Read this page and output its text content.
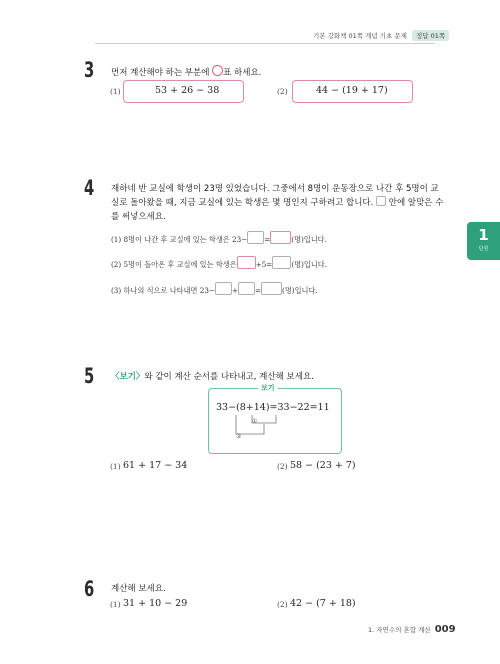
기본 강화책 01쪽 개념 기초 문제 정답 01쪽
1
단원
3 먼저 계산해야 하는 부분에 표 하세요.
(1)	53 + 26 − 38	(2)	44 − (19 + 17)
4 재하네 반 교실에 학생이 23명 있었습니다. 그중에서 8명이 운동장으로 나간 후 5명이 교
실로 돌아왔을 때, 지금 교실에 있는 학생은 몇 명인지 구하려고 합니다. 안에 알맞은 수
를 써넣으세요.
(1) 8명이 나간 후 교실에 있는 학생은 23− =	(명)입니다.
(2) 5명이 돌아온 후 교실에 있는 학생은	+5=	(명)입니다.
(3) 하나의 식으로 나타내면 23− + =	(명)입니다.
5 〈보기〉와 같이 계산 순서를 나타내고, 계산해 보세요.
보기
33−(8+14)=33−22=11
①
②
(1) 61 + 17 − 34	(2) 58 − (23 + 7)
6 계산해 보세요.
(1) 31 + 10 − 29	(2) 42 − (7 + 18)
1. 자연수의 혼합 계산 009
